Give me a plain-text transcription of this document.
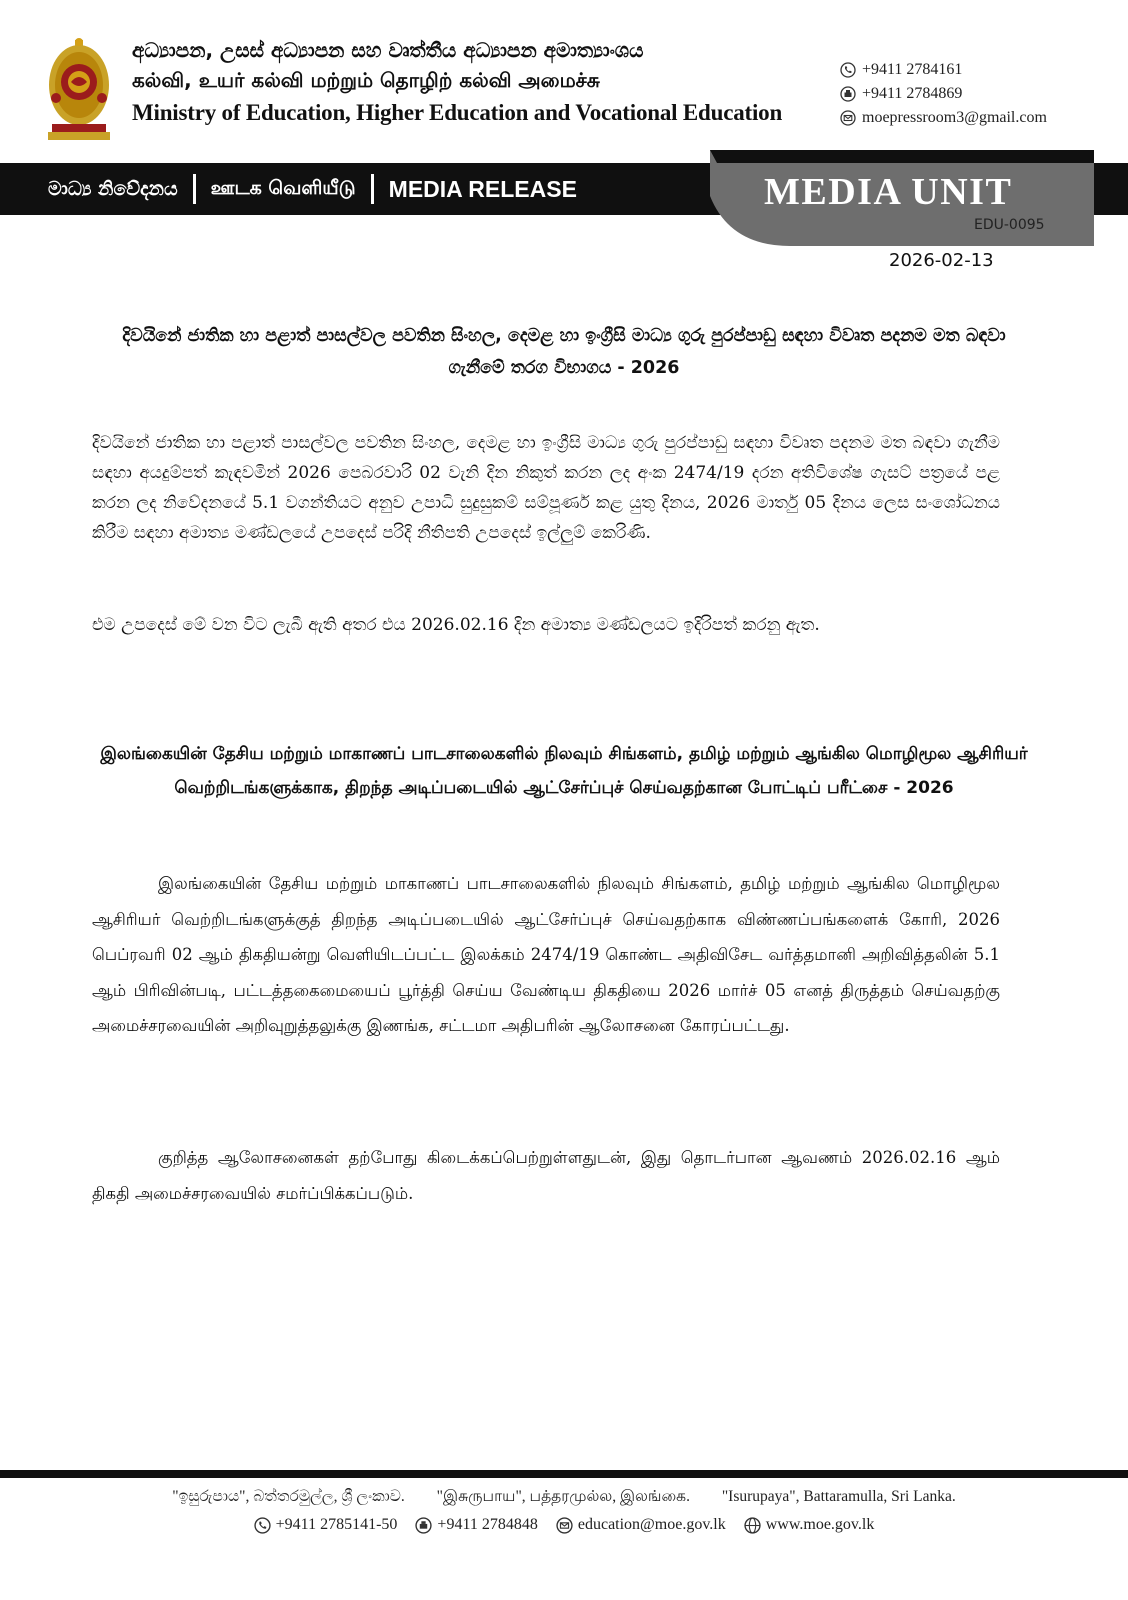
අධ්‍යාපන, උසස් අධ්‍යාපන සහ වෘත්තීය අධ්‍යාපන අමාත්‍යාංශය
கல்வி, உயர் கல்வி மற்றும் தொழிற் கல்வி அமைச்சு
Ministry of Education, Higher Education and Vocational Education
+9411 2784161
+9411 2784869
moepressroom3@gmail.com
මාධ්‍ය නිවේදනය ஊடக வெளியீடு MEDIA RELEASE	MEDIA UNIT
EDU-0095
2026-02-13
දිවයිනේ ජාතික හා පළාත් පාසල්වල පවතින සිංහල, දෙමළ හා ඉංග්‍රීසි මාධ්‍ය ගුරු පුරප්පාඩු සඳහා විවෘත පදනම මත බඳවා ගැනීමේ තරග විභාගය - 2026
දිවයිනේ ජාතික හා පළාත් පාසල්වල පවතින සිංහල, දෙමළ හා ඉංග්‍රීසි මාධ්‍ය ගුරු පුරප්පාඩු සඳහා විවෘත පදනම මත බඳවා ගැනීම සඳහා අයදුම්පත් කැඳවමින් 2026 පෙබරවාරි 02 වැනි දින නිකුත් කරන ලද අංක 2474/19 දරන අතිවිශේෂ ගැසට් පත්‍රයේ පළ කරන ලද නිවේදනයේ 5.1 වගන්තියට අනුව උපාධි සුදුසුකම් සම්පූර්ණ කළ යුතු දිනය, 2026 මාර්තු 05 දිනය ලෙස සංශෝධනය කිරීම සඳහා අමාත්‍ය මණ්ඩලයේ උපදෙස් පරිදි නීතිපති උපදෙස් ඉල්ලුම් කෙරිණි.
එම උපදෙස් මේ වන විට ලැබී ඇති අතර එය 2026.02.16 දින අමාත්‍ය මණ්ඩලයට ඉදිරිපත් කරනු ඇත.
இலங்கையின் தேசிய மற்றும் மாகாணப் பாடசாலைகளில் நிலவும் சிங்களம், தமிழ் மற்றும் ஆங்கில மொழிமூல ஆசிரியர் வெற்றிடங்களுக்காக, திறந்த அடிப்படையில் ஆட்சேர்ப்புச் செய்வதற்கான போட்டிப் பரீட்சை - 2026
இலங்கையின் தேசிய மற்றும் மாகாணப் பாடசாலைகளில் நிலவும் சிங்களம், தமிழ் மற்றும் ஆங்கில மொழிமூல ஆசிரியர் வெற்றிடங்களுக்குத் திறந்த அடிப்படையில் ஆட்சேர்ப்புச் செய்வதற்காக விண்ணப்பங்களைக் கோரி, 2026 பெப்ரவரி 02 ஆம் திகதியன்று வெளியிடப்பட்ட இலக்கம் 2474/19 கொண்ட அதிவிசேட வர்த்தமானி அறிவித்தலின் 5.1 ஆம் பிரிவின்படி, பட்டத்தகைமையைப் பூர்த்தி செய்ய வேண்டிய திகதியை 2026 மார்ச் 05 எனத் திருத்தம் செய்வதற்கு அமைச்சரவையின் அறிவுறுத்தலுக்கு இணங்க, சட்டமா அதிபரின் ஆலோசனை கோரப்பட்டது.
குறித்த ஆலோசனைகள் தற்போது கிடைக்கப்பெற்றுள்ளதுடன், இது தொடர்பான ஆவணம் 2026.02.16 ஆம் திகதி அமைச்சரவையில் சமர்ப்பிக்கப்படும்.
"ඉසුරුපාය", බත්තරමුල්ල, ශ්‍රී ලංකාව. "இசுருபாய", பத்தரமுல்ல, இலங்கை. "Isurupaya", Battaramulla, Sri Lanka.
+9411 2785141-50	+9411 2784848	education@moe.gov.lk	www.moe.gov.lk
